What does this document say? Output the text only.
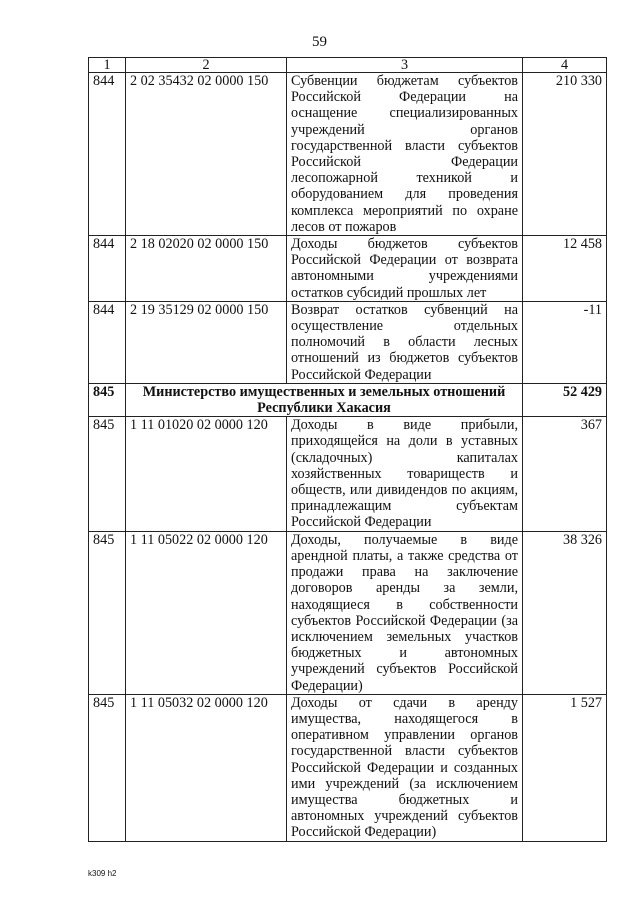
59
1	2	3	4
844	2 02 35432 02 0000 150	Субвенции бюджетам субъектов Российской Федерации на оснащение специализированных учреждений органов государственной власти субъектов Российской Федерации лесопожарной техникой и оборудованием для проведения комплекса мероприятий по охране лесов от пожаров	210 330
844	2 18 02020 02 0000 150	Доходы бюджетов субъектов Российской Федерации от возврата автономными учреждениями остатков субсидий прошлых лет	12 458
844	2 19 35129 02 0000 150	Возврат остатков субвенций на осуществление отдельных полномочий в области лесных отношений из бюджетов субъектов Российской Федерации	-11
845	Министерство имущественных и земельных отношений Республики Хакасия		52 429
845	1 11 01020 02 0000 120	Доходы в виде прибыли, приходящейся на доли в уставных (складочных) капиталах хозяйственных товариществ и обществ, или дивидендов по акциям, принадлежащим субъектам Российской Федерации	367
845	1 11 05022 02 0000 120	Доходы, получаемые в виде арендной платы, а также средства от продажи права на заключение договоров аренды за земли, находящиеся в собственности субъектов Российской Федерации (за исключением земельных участков бюджетных и автономных учреждений субъектов Российской Федерации)	38 326
845	1 11 05032 02 0000 120	Доходы от сдачи в аренду имущества, находящегося в оперативном управлении органов государственной власти субъектов Российской Федерации и созданных ими учреждений (за исключением имущества бюджетных и автономных учреждений субъектов Российской Федерации)	1 527
k309 h2
